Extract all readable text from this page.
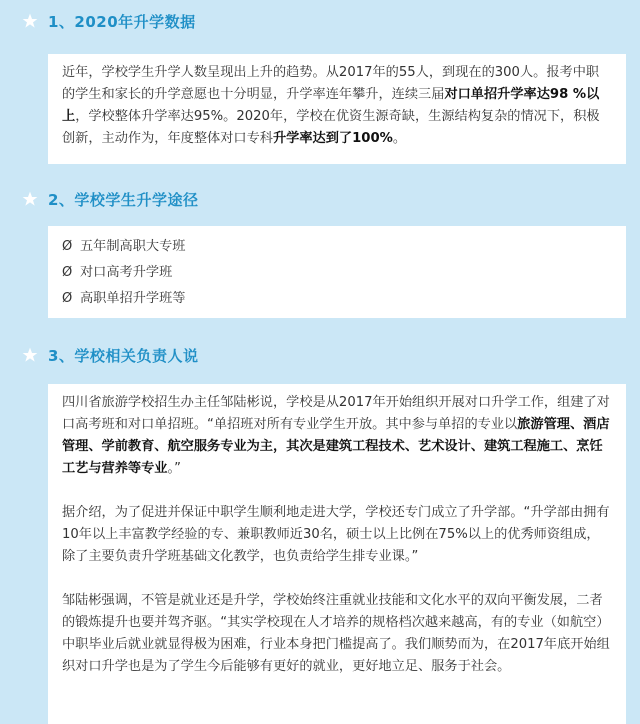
1、2020年升学数据

近年，学校学生升学人数呈现出上升的趋势。从2017年的55人，到现在的300人。报考中职的学生和家长的升学意愿也十分明显，升学率连年攀升，连续三届对口单招升学率达98 %以上，学校整体升学率达95%。2020年，学校在优资生源奇缺，生源结构复杂的情况下，积极创新，主动作为，年度整体对口专科升学率达到了100%。

2、学校学生升学途径
Ø 五年制高职大专班
Ø 对口高考升学班
Ø 高职单招升学班等
3、学校相关负责人说

四川省旅游学校招生办主任邹陆彬说，学校是从2017年开始组织开展对口升学工作，组建了对口高考班和对口单招班。“单招班对所有专业学生开放。其中参与单招的专业以旅游管理、酒店管理、学前教育、航空服务专业为主，其次是建筑工程技术、艺术设计、建筑工程施工、烹饪工艺与营养等专业。”

据介绍，为了促进并保证中职学生顺利地走进大学，学校还专门成立了升学部。“升学部由拥有10年以上丰富教学经验的专、兼职教师近30名，硕士以上比例在75%以上的优秀师资组成，除了主要负责升学班基础文化教学，也负责给学生排专业课。”

邹陆彬强调，不管是就业还是升学，学校始终注重就业技能和文化水平的双向平衡发展，二者的锻炼提升也要并驾齐驱。“其实学校现在人才培养的规格档次越来越高，有的专业（如航空）中职毕业后就业就显得极为困难，行业本身把门槛提高了。我们顺势而为，在2017年底开始组织对口升学也是为了学生今后能够有更好的就业，更好地立足、服务于社会。
